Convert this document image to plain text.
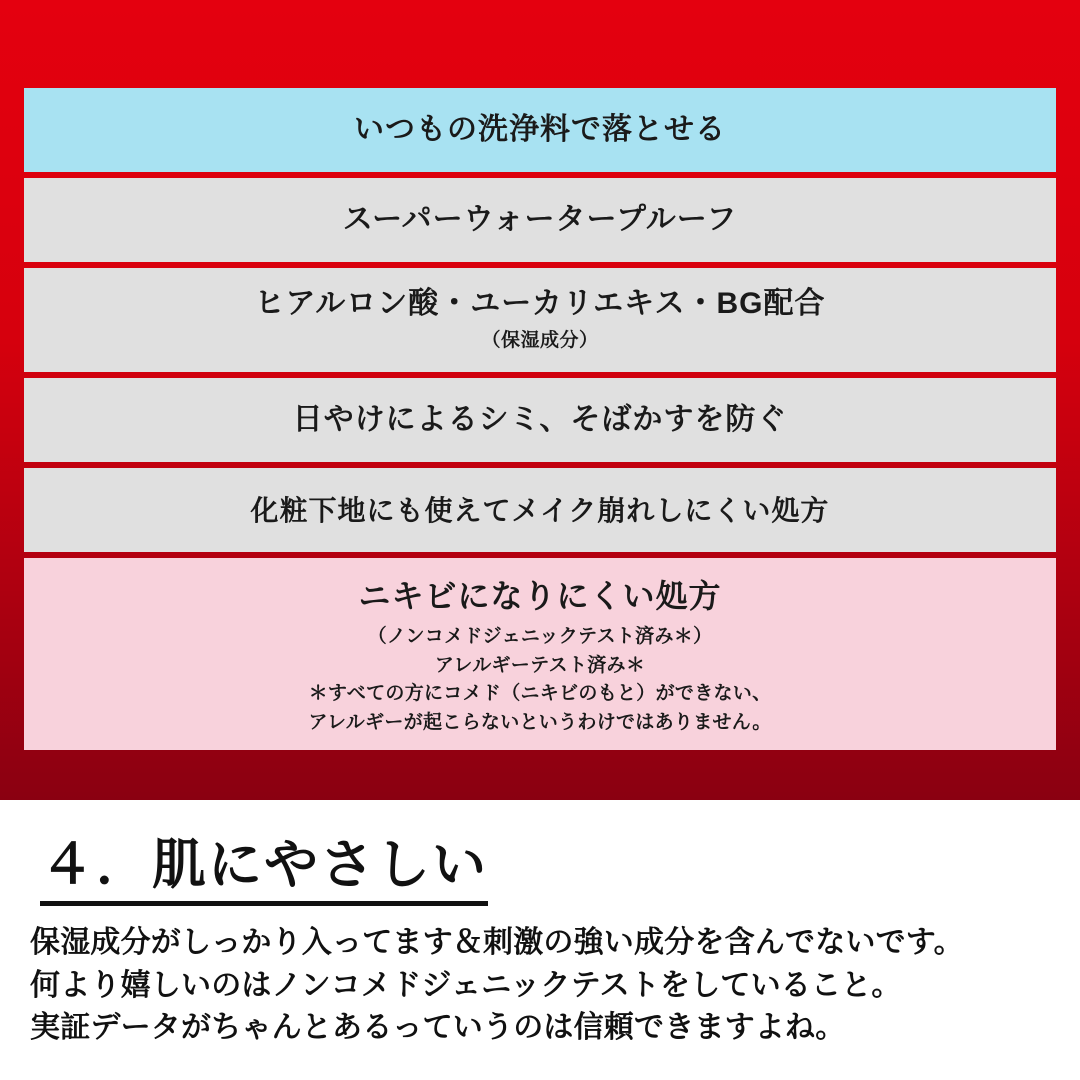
いつもの洗浄料で落とせる
スーパーウォータープルーフ
ヒアルロン酸・ユーカリエキス・BG配合
（保湿成分）
日やけによるシミ、そばかすを防ぐ
化粧下地にも使えてメイク崩れしにくい処方
ニキビになりにくい処方
（ノンコメドジェニックテスト済み＊）
アレルギーテスト済み＊
＊すべての方にコメド（ニキビのもと）ができない、
アレルギーが起こらないというわけではありません。
４．肌にやさしい
保湿成分がしっかり入ってます＆刺激の強い成分を含んでないです。
何より嬉しいのはノンコメドジェニックテストをしていること。
実証データがちゃんとあるっていうのは信頼できますよね。
